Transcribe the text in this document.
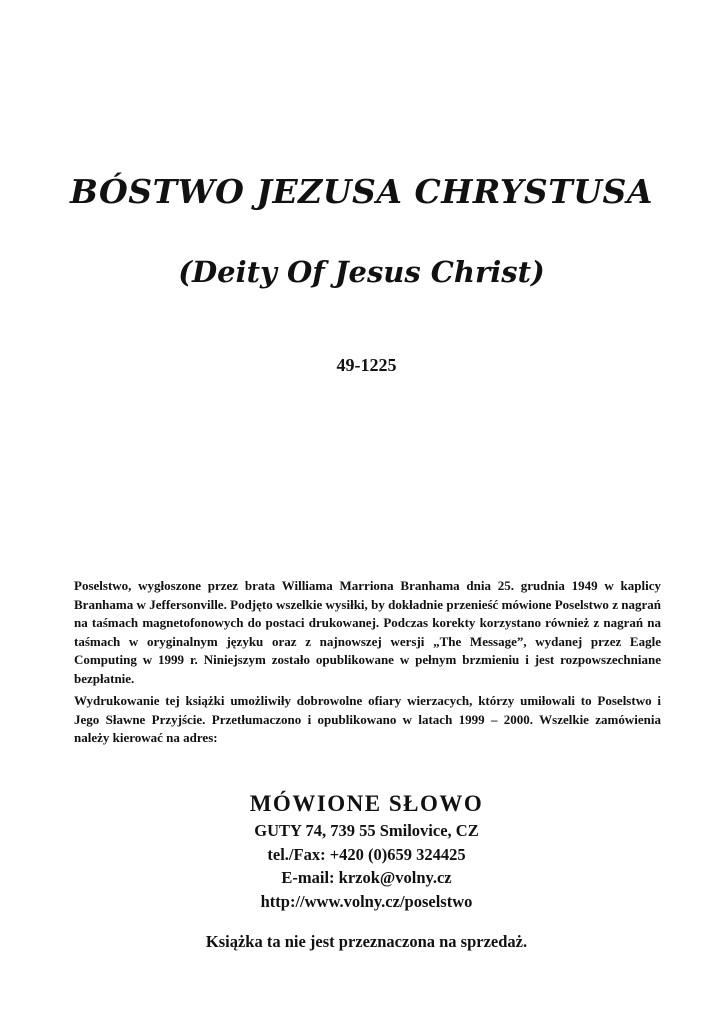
BÓSTWO JEZUSA CHRYSTUSA
(Deity Of Jesus Christ)
49-1225

Poselstwo, wygłoszone przez brata Williama Marriona Branhama dnia 25. grudnia 1949 w kaplicy Branhama w Jeffersonville. Podjęto wszelkie wysiłki, by dokładnie przenieść mówione Poselstwo z nagrań na taśmach magnetofonowych do postaci drukowanej. Podczas korekty korzystano również z nagrań na taśmach w oryginalnym języku oraz z najnowszej wersji „The Message”, wydanej przez Eagle Computing w 1999 r. Niniejszym zostało opublikowane w pełnym brzmieniu i jest rozpowszechniane bezpłatnie.

Wydrukowanie tej książki umożliwiły dobrowolne ofiary wierzacych, którzy umiłowali to Poselstwo i Jego Sławne Przyjście. Przetłumaczono i opublikowano w latach 1999 – 2000. Wszelkie zamówienia należy kierować na adres:

MÓWIONE SŁOWO
GUTY 74, 739 55 Smilovice, CZ
tel./Fax: +420 (0)659 324425
E-mail: krzok@volny.cz
http://www.volny.cz/poselstwo
Książka ta nie jest przeznaczona na sprzedaż.
